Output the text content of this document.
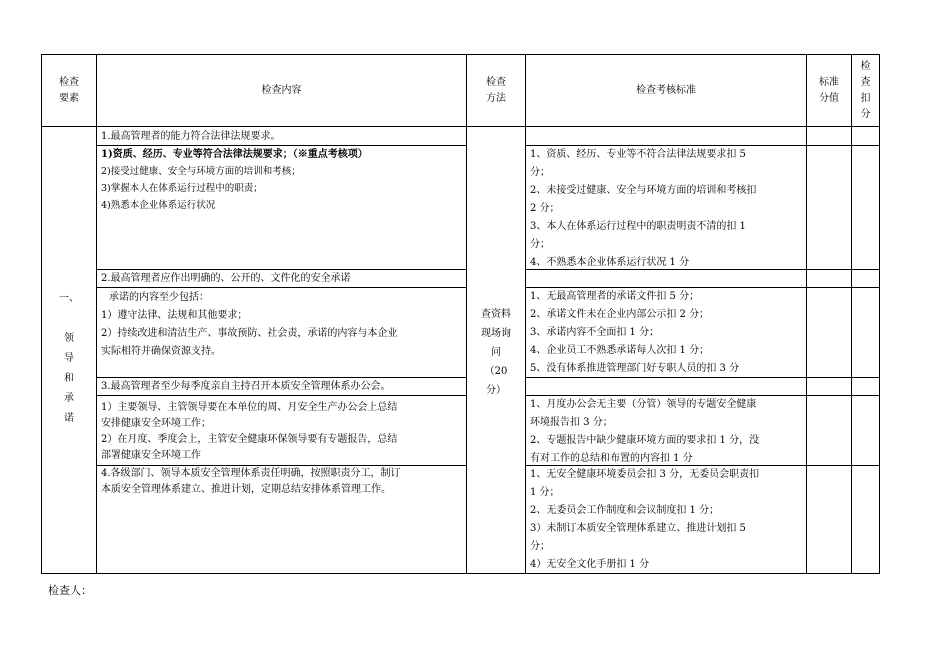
检查
要素
检查内容
检查
方法
检查考核标准
标准
分值
检
查
扣
分
一、

领
导
和
承
诺
查资料
现场询
问
（20
分）
1.最高管理者的能力符合法律法规要求。
1)资质、经历、专业等符合法律法规要求；（※重点考核项）
2)接受过健康、安全与环境方面的培训和考核；
3)掌握本人在体系运行过程中的职责；
4)熟悉本企业体系运行状况
1、资质、经历、专业等不符合法律法规要求扣 5
分；
2、未接受过健康、安全与环境方面的培训和考核扣
2 分；
3、本人在体系运行过程中的职责明责不清的扣 1
分；
4、不熟悉本企业体系运行状况 1 分
2.最高管理者应作出明确的、公开的、文件化的安全承诺
承诺的内容至少包括：
1）遵守法律、法规和其他要求；
2）持续改进和清洁生产、事故预防、社会责，承诺的内容与本企业
实际相符并确保资源支持。
1、无最高管理者的承诺文件扣 5 分；
2、承诺文件未在企业内部公示扣 2 分；
3、承诺内容不全面扣 1 分；
4、企业员工不熟悉承诺每人次扣 1 分；
5、没有体系推进管理部门好专职人员的扣 3 分
3.最高管理者至少每季度亲自主持召开本质安全管理体系办公会。
1）主要领导、主管领导要在本单位的周、月安全生产办公会上总结
安排健康安全环境工作；
2）在月度、季度会上，主管安全健康环保领导要有专题报告，总结
部署健康安全环境工作
1、月度办公会无主要（分管）领导的专题安全健康
环境报告扣 3 分；
2、专题报告中缺少健康环境方面的要求扣 1 分，没
有对工作的总结和布置的内容扣 1 分
4.各级部门、领导本质安全管理体系责任明确，按照职责分工，制订
本质安全管理体系建立、推进计划，定期总结安排体系管理工作。
1、无安全健康环境委员会扣 3 分，无委员会职责扣
1 分；
2、无委员会工作制度和会议制度扣 1 分；
3）未制订本质安全管理体系建立、推进计划扣 5
分；
4）无安全文化手册扣 1 分
检查人：
